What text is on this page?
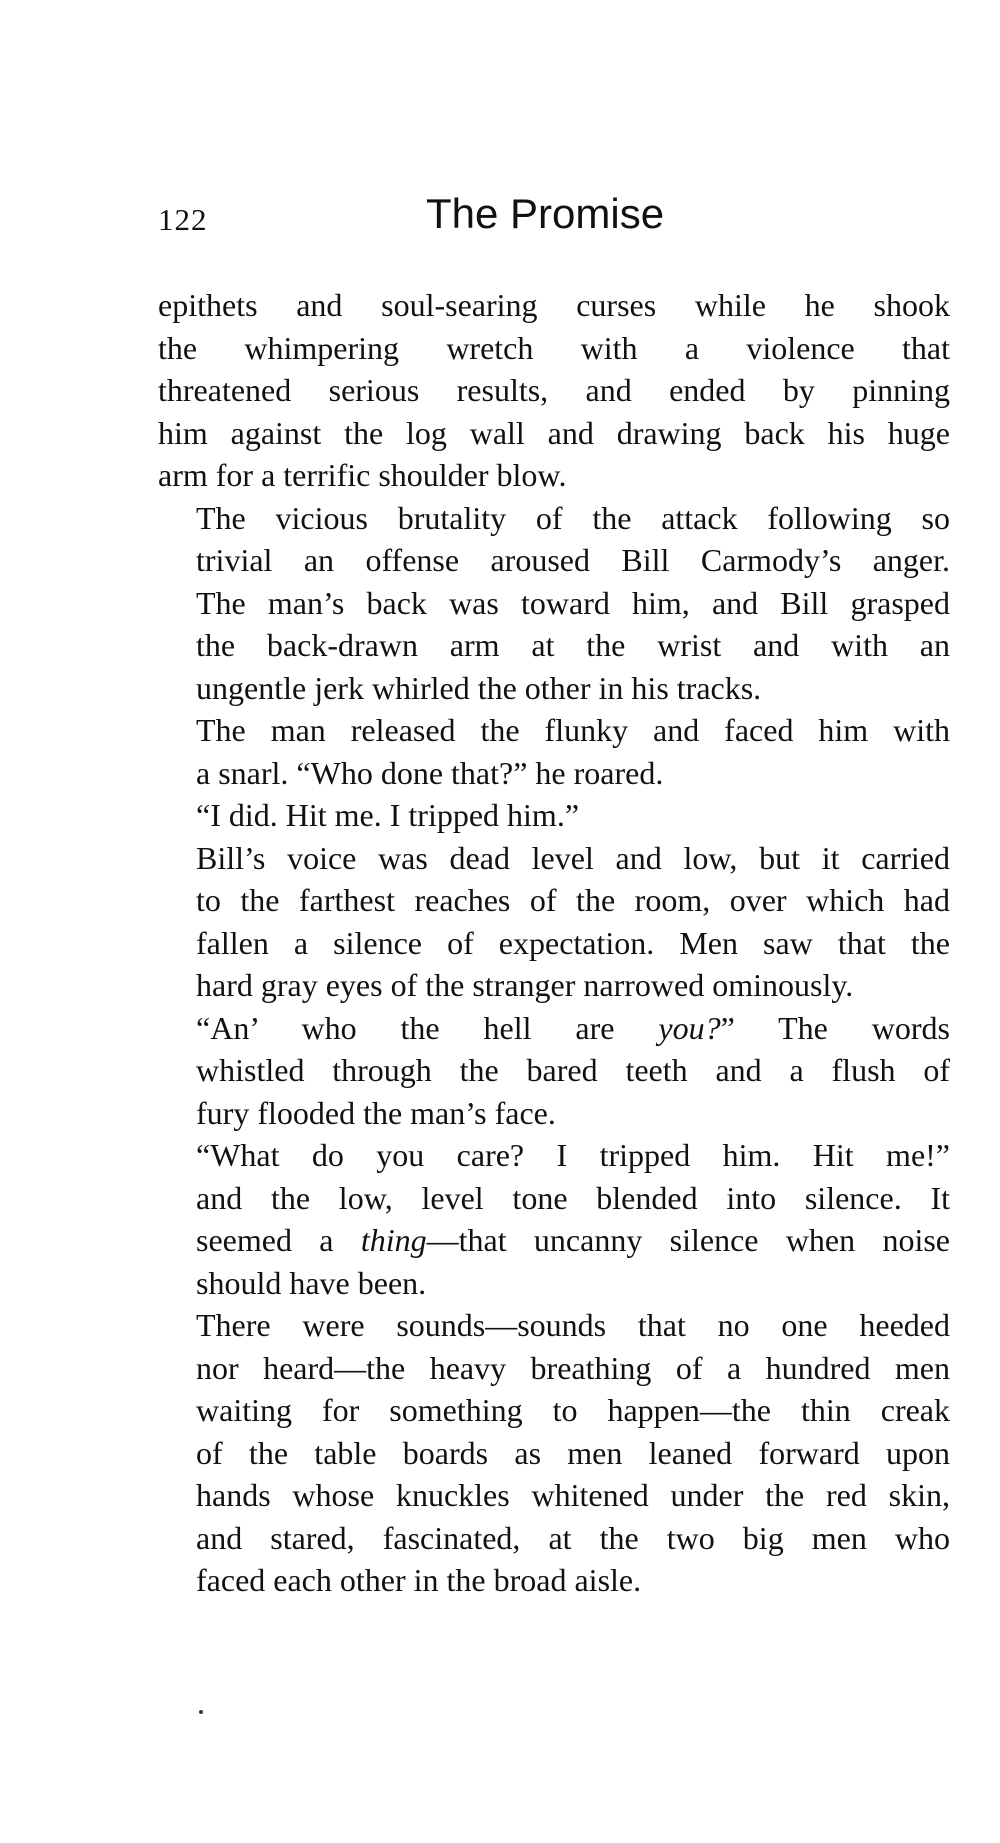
122	The Promise

epithets and soul-searing curses while he shook
the whimpering wretch with a violence that
threatened serious results, and ended by pinning
him against the log wall and drawing back his huge
arm for a terrific shoulder blow.

The vicious brutality of the attack following so
trivial an offense aroused Bill Carmody’s anger.
The man’s back was toward him, and Bill grasped
the back-drawn arm at the wrist and with an
ungentle jerk whirled the other in his tracks.

The man released the flunky and faced him with
a snarl. “Who done that?” he roared.

“I did. Hit me. I tripped him.”

Bill’s voice was dead level and low, but it carried
to the farthest reaches of the room, over which had
fallen a silence of expectation. Men saw that the
hard gray eyes of the stranger narrowed ominously.

“An’ who the hell are you?” The words
whistled through the bared teeth and a flush of
fury flooded the man’s face.

“What do you care? I tripped him. Hit me!”
and the low, level tone blended into silence. It
seemed a thing—that uncanny silence when noise
should have been.

There were sounds—sounds that no one heeded
nor heard—the heavy breathing of a hundred men
waiting for something to happen—the thin creak
of the table boards as men leaned forward upon
hands whose knuckles whitened under the red skin,
and stared, fascinated, at the two big men who
faced each other in the broad aisle.
